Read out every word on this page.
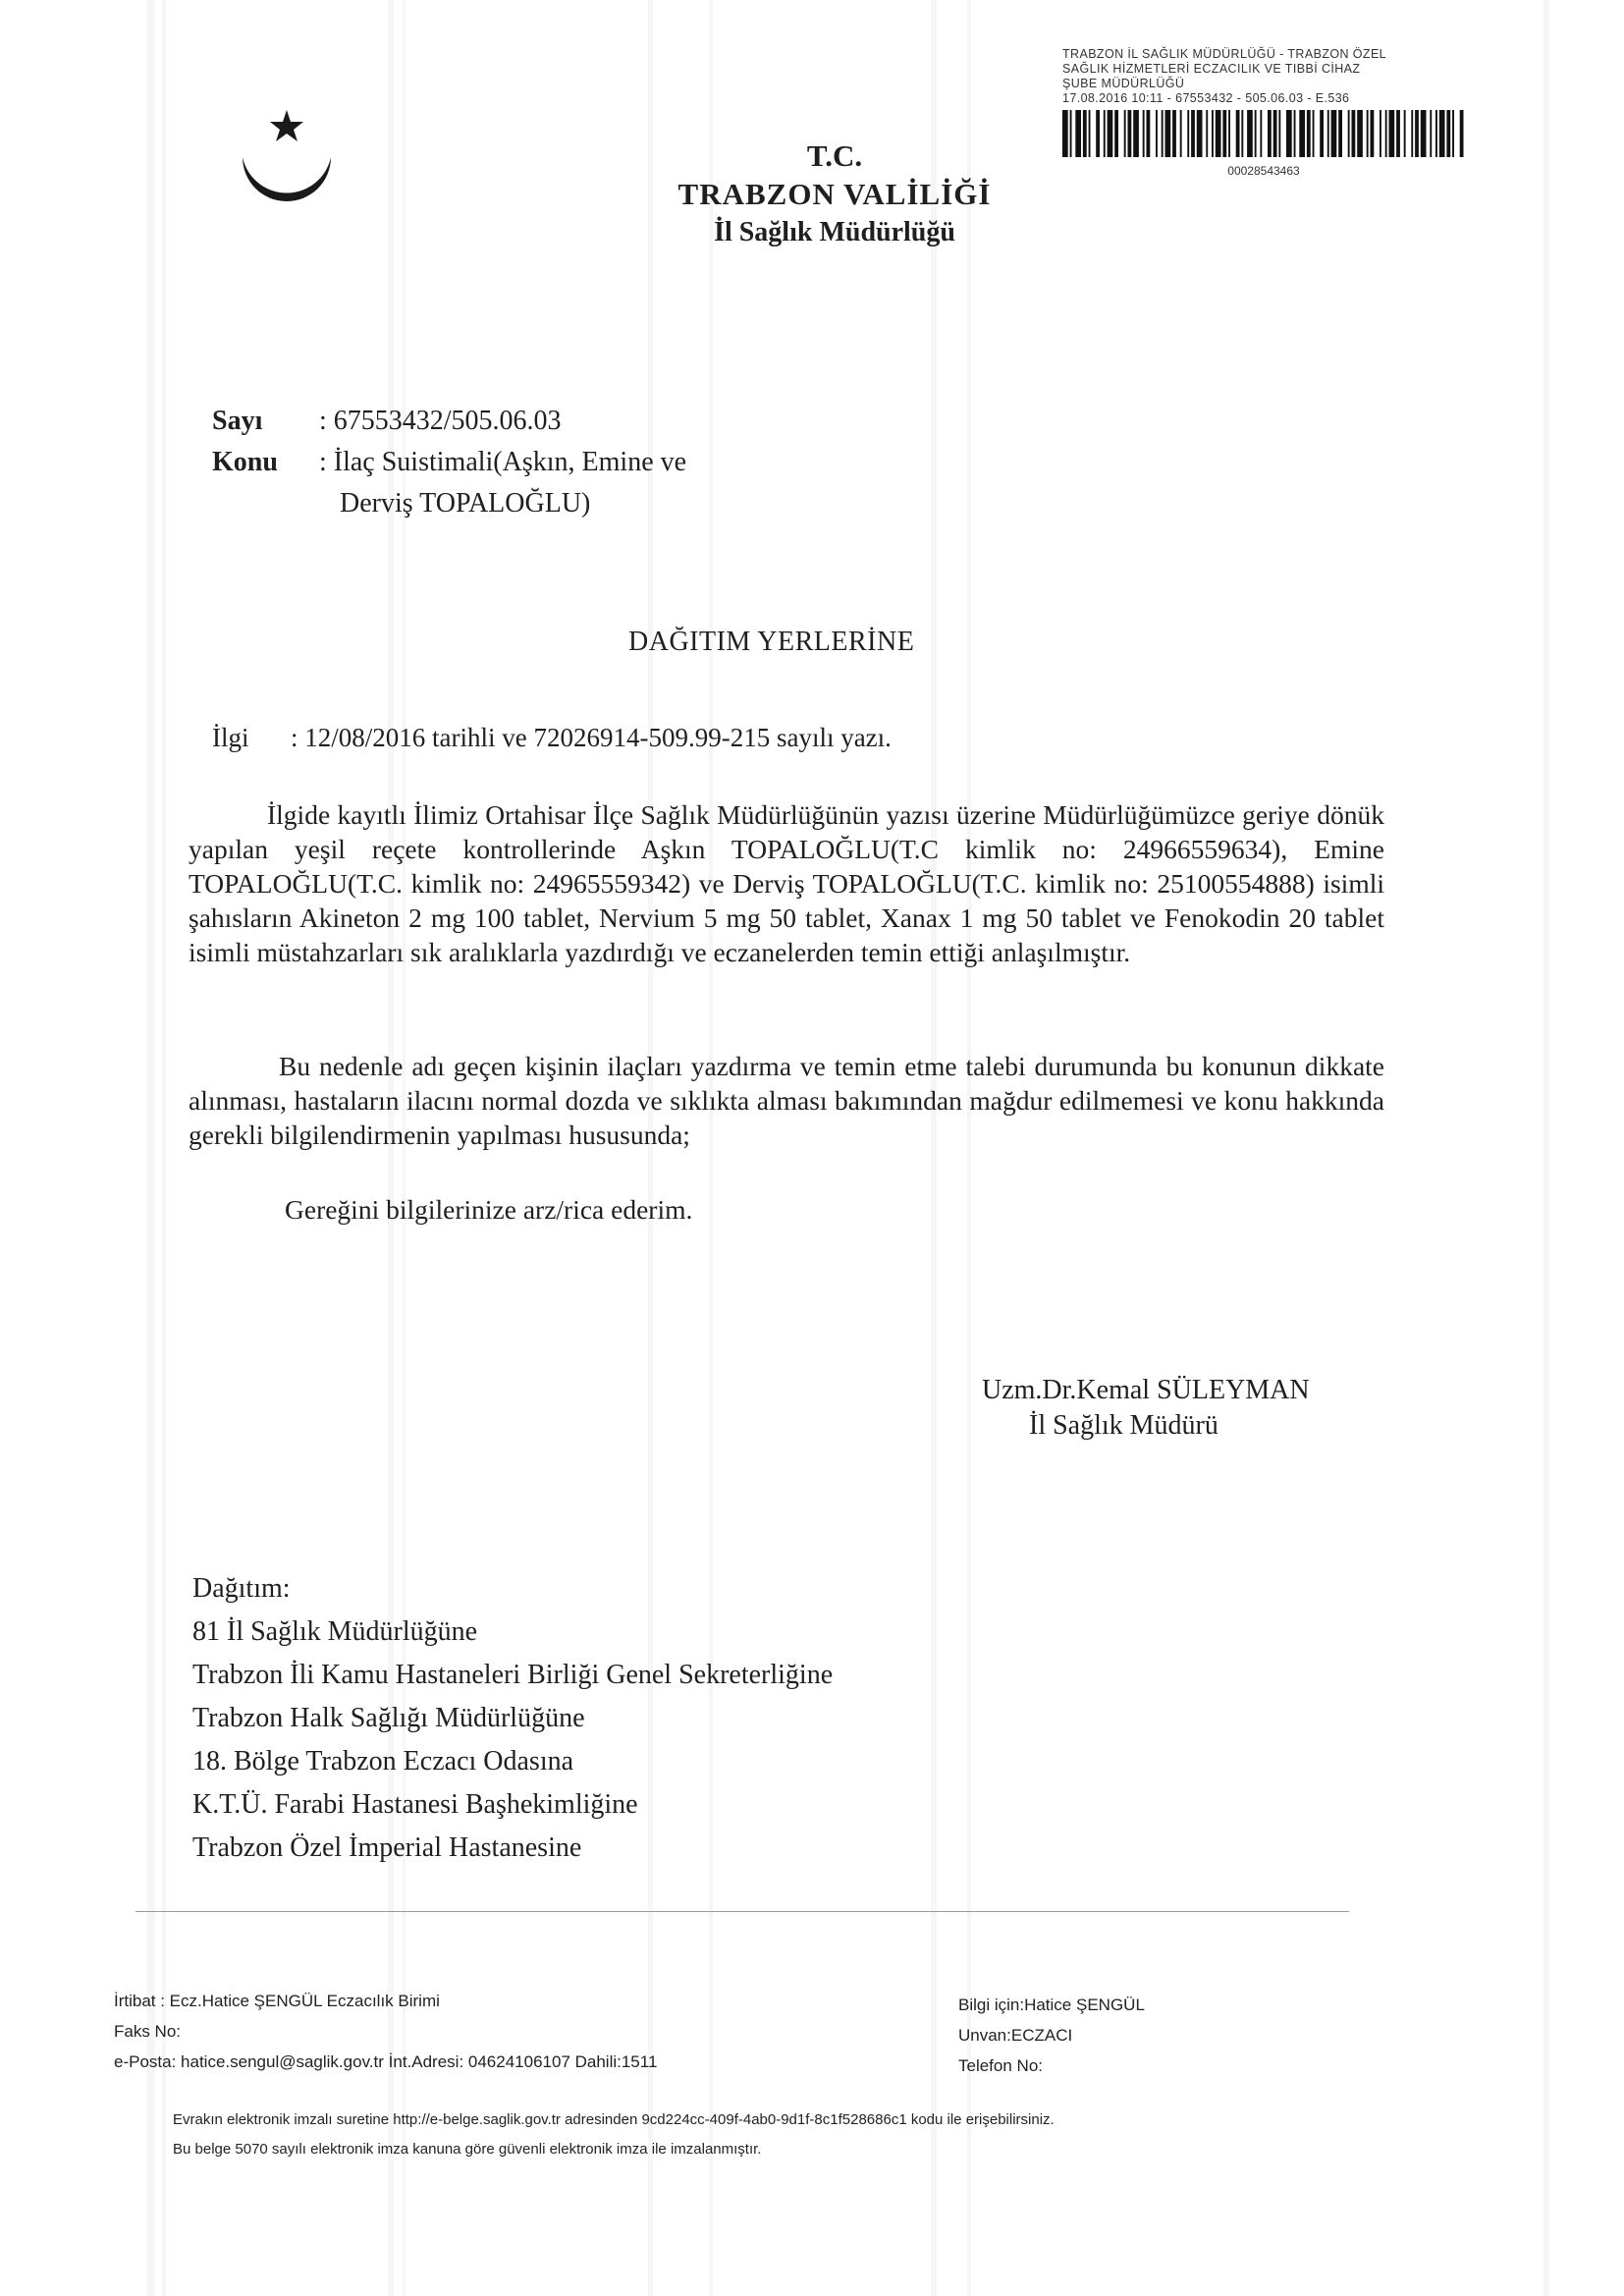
TRABZON İL SAĞLIK MÜDÜRLÜĞÜ - TRABZON ÖZEL
SAĞLIK HİZMETLERİ ECZACILIK VE TIBBİ CİHAZ
ŞUBE MÜDÜRLÜĞÜ
17.08.2016 10:11 - 67553432 - 505.06.03 - E.536
00028543463
T.C.
TRABZON VALİLİĞİ
İl Sağlık Müdürlüğü
Sayı : 67553432/505.06.03
Konu : İlaç Suistimali(Aşkın, Emine ve
Derviş TOPALOĞLU)
DAĞITIM YERLERİNE
İlgi : 12/08/2016 tarihli ve 72026914-509.99-215 sayılı yazı.
İlgide kayıtlı İlimiz Ortahisar İlçe Sağlık Müdürlüğünün yazısı üzerine Müdürlüğümüzce geriye dönük yapılan yeşil reçete kontrollerinde Aşkın TOPALOĞLU(T.C kimlik no: 24966559634), Emine TOPALOĞLU(T.C. kimlik no: 24965559342) ve Derviş TOPALOĞLU(T.C. kimlik no: 25100554888) isimli şahısların Akineton 2 mg 100 tablet, Nervium 5 mg 50 tablet, Xanax 1 mg 50 tablet ve Fenokodin 20 tablet isimli müstahzarları sık aralıklarla yazdırdığı ve eczanelerden temin ettiği anlaşılmıştır.
Bu nedenle adı geçen kişinin ilaçları yazdırma ve temin etme talebi durumunda bu konunun dikkate alınması, hastaların ilacını normal dozda ve sıklıkta alması bakımından mağdur edilmemesi ve konu hakkında gerekli bilgilendirmenin yapılması hususunda;
Gereğini bilgilerinize arz/rica ederim.
Uzm.Dr.Kemal SÜLEYMAN
İl Sağlık Müdürü
Dağıtım:
81 İl Sağlık Müdürlüğüne
Trabzon İli Kamu Hastaneleri Birliği Genel Sekreterliğine
Trabzon Halk Sağlığı Müdürlüğüne
18. Bölge Trabzon Eczacı Odasına
K.T.Ü. Farabi Hastanesi Başhekimliğine
Trabzon Özel İmperial Hastanesine
İrtibat : Ecz.Hatice ŞENGÜL Eczacılık Birimi
Faks No:
e-Posta: hatice.sengul@saglik.gov.tr İnt.Adresi: 04624106107 Dahili:1511
Bilgi için:Hatice ŞENGÜL
Unvan:ECZACI
Telefon No:
Evrakın elektronik imzalı suretine http://e-belge.saglik.gov.tr adresinden 9cd224cc-409f-4ab0-9d1f-8c1f528686c1 kodu ile erişebilirsiniz.
Bu belge 5070 sayılı elektronik imza kanuna göre güvenli elektronik imza ile imzalanmıştır.
